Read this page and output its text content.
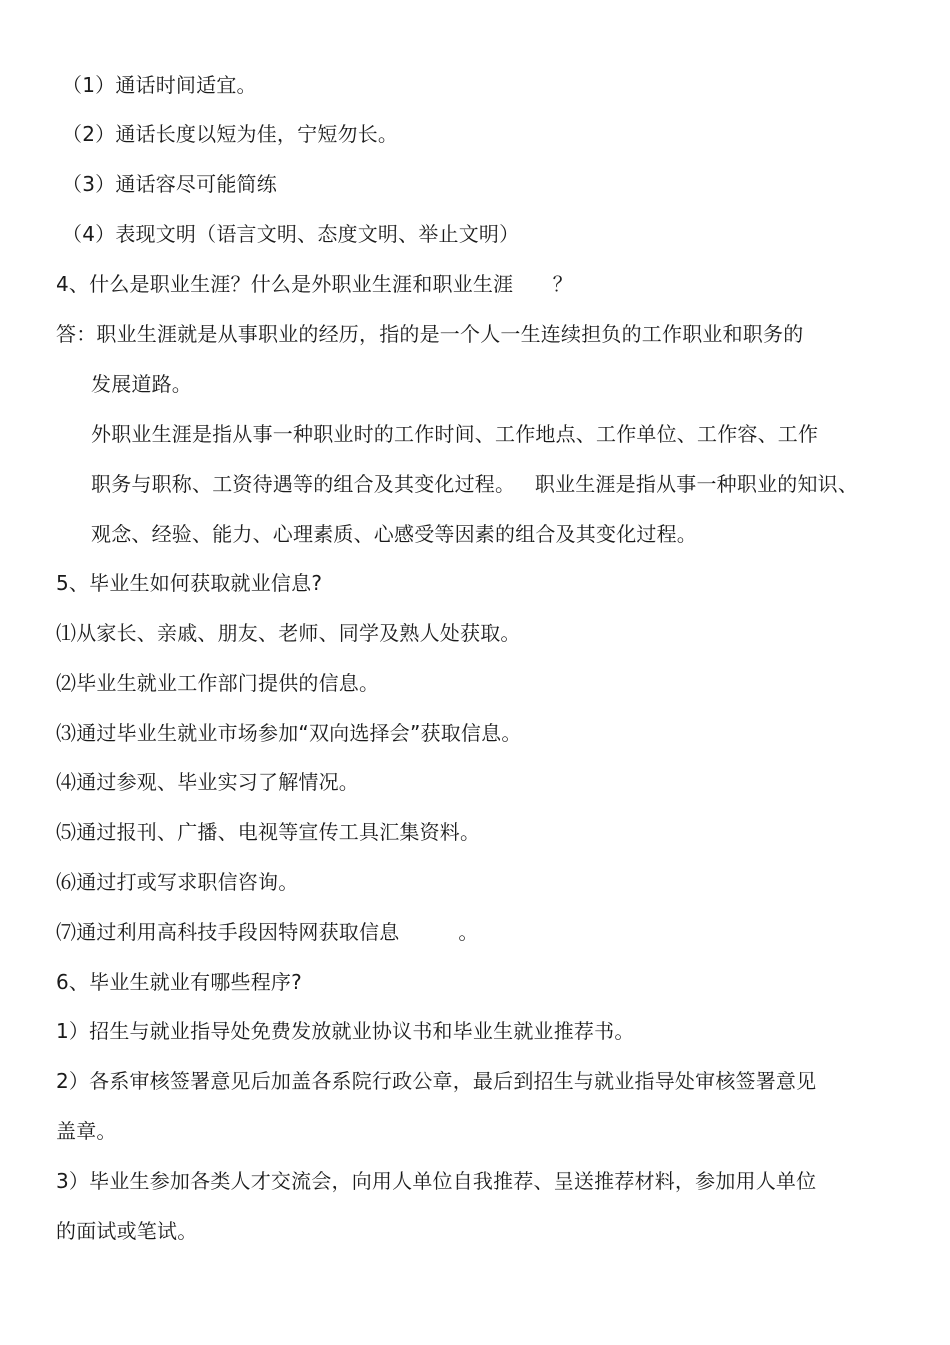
（1）通话时间适宜。
（2）通话长度以短为佳，宁短勿长。
（3）通话容尽可能简练
（4）表现文明（语言文明、态度文明、举止文明）
4、什么是职业生涯？什么是外职业生涯和职业生涯      ？
答：职业生涯就是从事职业的经历，指的是一个人一生连续担负的工作职业和职务的
发展道路。
外职业生涯是指从事一种职业时的工作时间、工作地点、工作单位、工作容、工作
职务与职称、工资待遇等的组合及其变化过程。   职业生涯是指从事一种职业的知识、
观念、经验、能力、心理素质、心感受等因素的组合及其变化过程。
5、毕业生如何获取就业信息?
⑴从家长、亲戚、朋友、老师、同学及熟人处获取。
⑵毕业生就业工作部门提供的信息。
⑶通过毕业生就业市场参加“双向选择会”获取信息。
⑷通过参观、毕业实习了解情况。
⑸通过报刊、广播、电视等宣传工具汇集资料。
⑹通过打或写求职信咨询。
⑺通过利用高科技手段因特网获取信息         。
6、毕业生就业有哪些程序?
1）招生与就业指导处免费发放就业协议书和毕业生就业推荐书。
2）各系审核签署意见后加盖各系院行政公章，最后到招生与就业指导处审核签署意见
盖章。
3）毕业生参加各类人才交流会，向用人单位自我推荐、呈送推荐材料，参加用人单位
的面试或笔试。
